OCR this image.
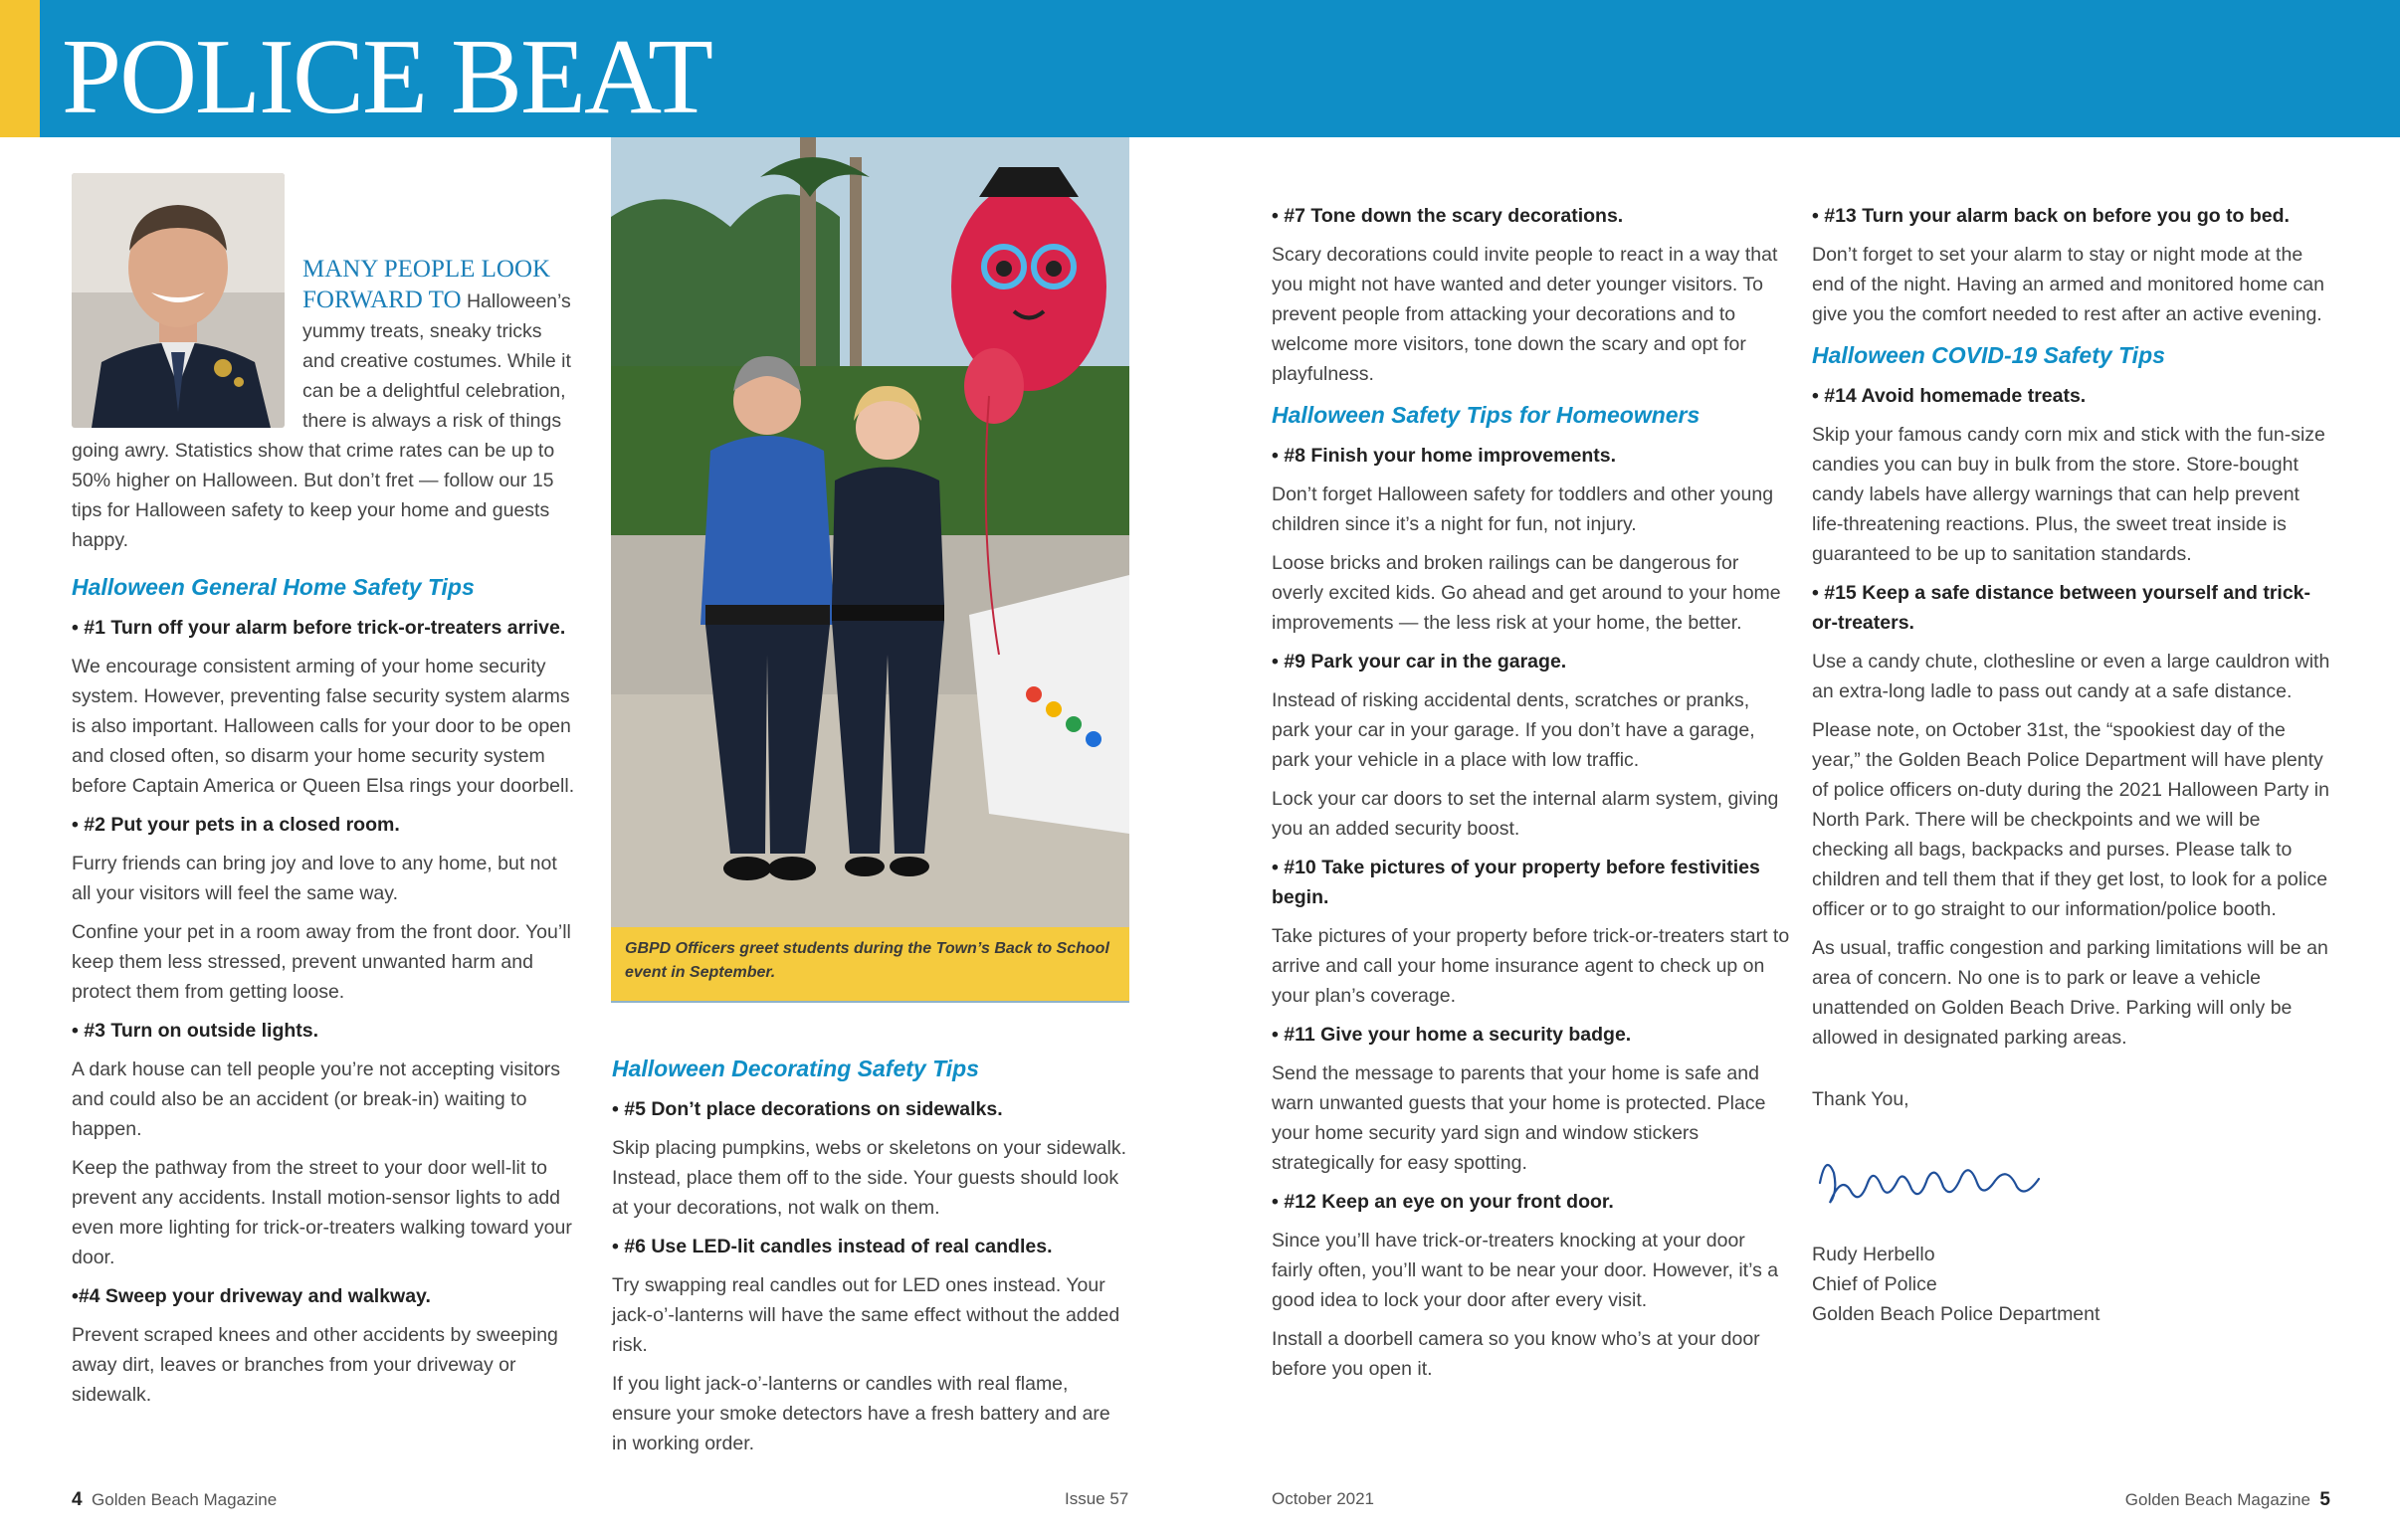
POLICE BEAT

MANY PEOPLE LOOK FORWARD TO Halloween’s yummy treats, sneaky tricks and creative costumes. While it can be a delightful celebration, there is always a risk of things going awry. Statistics show that crime rates can be up to 50% higher on Halloween. But don’t fret — follow our 15 tips for Halloween safety to keep your home and guests happy.

Halloween General Home Safety Tips

• #1 Turn off your alarm before trick-or-treaters arrive.

We encourage consistent arming of your home security system. However, preventing false security system alarms is also important. Halloween calls for your door to be open and closed often, so disarm your home security system before Captain America or Queen Elsa rings your doorbell.

• #2 Put your pets in a closed room.

Furry friends can bring joy and love to any home, but not all your visitors will feel the same way.

Confine your pet in a room away from the front door. You’ll keep them less stressed, prevent unwanted harm and protect them from getting loose.

• #3 Turn on outside lights.

A dark house can tell people you’re not accepting visitors and could also be an accident (or break-in) waiting to happen.

Keep the pathway from the street to your door well-lit to prevent any accidents. Install motion-sensor lights to add even more lighting for trick-or-treaters walking toward your door.

•#4 Sweep your driveway and walkway.

Prevent scraped knees and other accidents by sweeping away dirt, leaves or branches from your driveway or sidewalk.

GBPD Officers greet students during the Town’s Back to School event in September.
Halloween Decorating Safety Tips

• #5 Don’t place decorations on sidewalks.

Skip placing pumpkins, webs or skeletons on your sidewalk. Instead, place them off to the side. Your guests should look at your decorations, not walk on them.

• #6 Use LED-lit candles instead of real candles.

Try swapping real candles out for LED ones instead. Your jack-o’-lanterns will have the same effect without the added risk.

If you light jack-o’-lanterns or candles with real flame, ensure your smoke detectors have a fresh battery and are in working order.

• #7 Tone down the scary decorations.

Scary decorations could invite people to react in a way that you might not have wanted and deter younger visitors. To prevent people from attacking your decorations and to welcome more visitors, tone down the scary and opt for playfulness.

Halloween Safety Tips for Homeowners

• #8 Finish your home improvements.

Don’t forget Halloween safety for toddlers and other young children since it’s a night for fun, not injury.

Loose bricks and broken railings can be dangerous for overly excited kids. Go ahead and get around to your home improvements — the less risk at your home, the better.

• #9 Park your car in the garage.

Instead of risking accidental dents, scratches or pranks, park your car in your garage. If you don’t have a garage, park your vehicle in a place with low traffic.

Lock your car doors to set the internal alarm system, giving you an added security boost.

• #10 Take pictures of your property before festivities begin.

Take pictures of your property before trick-or-treaters start to arrive and call your home insurance agent to check up on your plan’s coverage.

• #11 Give your home a security badge.

Send the message to parents that your home is safe and warn unwanted guests that your home is protected. Place your home security yard sign and window stickers strategically for easy spotting.

• #12 Keep an eye on your front door.

Since you’ll have trick-or-treaters knocking at your door fairly often, you’ll want to be near your door. However, it’s a good idea to lock your door after every visit.

Install a doorbell camera so you know who’s at your door before you open it.

• #13 Turn your alarm back on before you go to bed.

Don’t forget to set your alarm to stay or night mode at the end of the night. Having an armed and monitored home can give you the comfort needed to rest after an active evening.

Halloween COVID-19 Safety Tips

• #14 Avoid homemade treats.

Skip your famous candy corn mix and stick with the fun-size candies you can buy in bulk from the store. Store-bought candy labels have allergy warnings that can help prevent life-threatening reactions. Plus, the sweet treat inside is guaranteed to be up to sanitation standards.

• #15 Keep a safe distance between yourself and trick-or-treaters.

Use a candy chute, clothesline or even a large cauldron with an extra-long ladle to pass out candy at a safe distance.

Please note, on October 31st, the “spookiest day of the year,” the Golden Beach Police Department will have plenty of police officers on-duty during the 2021 Halloween Party in North Park. There will be checkpoints and we will be checking all bags, backpacks and purses. Please talk to children and tell them that if they get lost, to look for a police officer or to go straight to our information/police booth.

As usual, traffic congestion and parking limitations will be an area of concern. No one is to park or leave a vehicle unattended on Golden Beach Drive. Parking will only be allowed in designated parking areas.

Thank You,

Rudy Herbello

Chief of Police

Golden Beach Police Department

4 Golden Beach Magazine	Issue 57	October 2021	Golden Beach Magazine 5
